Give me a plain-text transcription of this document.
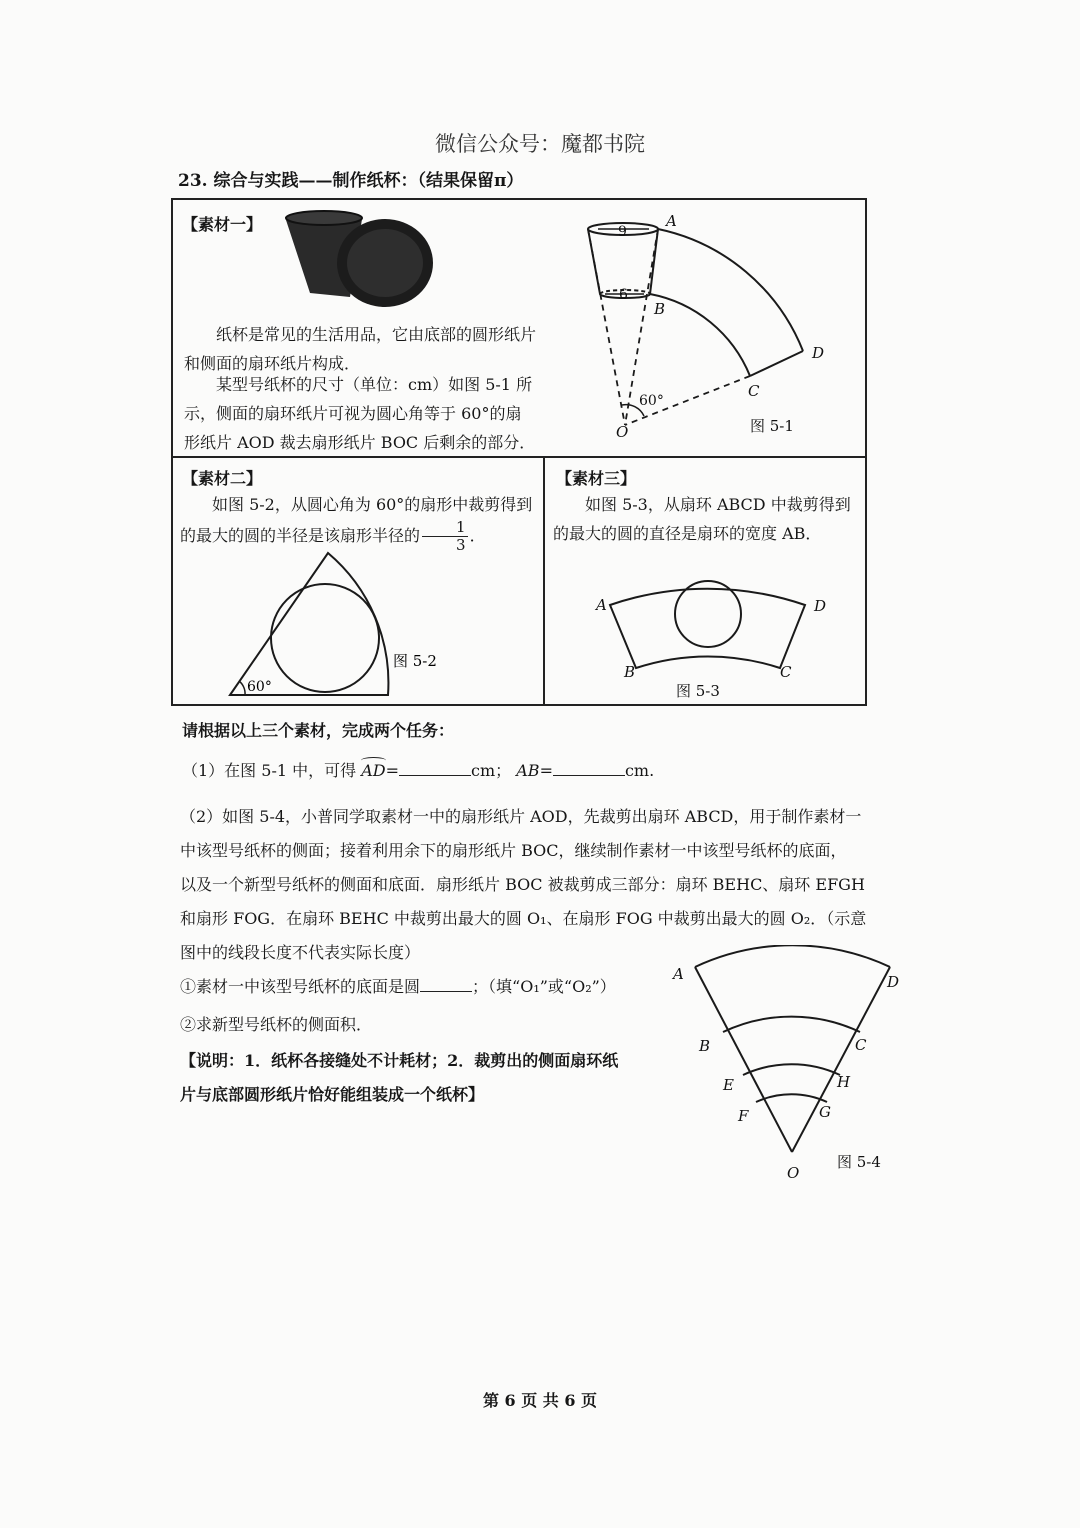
微信公众号：魔都书院
23. 综合与实践——制作纸杯：（结果保留π）
【素材一】
纸杯是常见的生活用品，它由底部的圆形纸片和侧面的扇环纸片构成．
某型号纸杯的尺寸（单位：cm）如图 5-1 所示，侧面的扇环纸片可视为圆心角等于 60°的扇形纸片 AOD 裁去扇形纸片 BOC 后剩余的部分．
9
6
A
B
C
D
O
60°
图 5-1
【素材二】
如图 5-2，从圆心角为 60°的扇形中裁剪得到的最大的圆的半径是该扇形半径的 $\frac{1}{3}$ ．
60°
图 5-2
【素材三】
如图 5-3，从扇环 ABCD 中裁剪得到的最大的圆的直径是扇环的宽度 AB．
A
B	C
D
图 5-3
请根据以上三个素材，完成两个任务：
（1）在图 5-1 中，可得 AD=	cm； AB=	cm.
（2）如图 5-4，小普同学取素材一中的扇形纸片 AOD，先裁剪出扇环 ABCD，用于制作素材一
中该型号纸杯的侧面；接着利用余下的扇形纸片 BOC，继续制作素材一中该型号纸杯的底面，
以及一个新型号纸杯的侧面和底面．扇形纸片 BOC 被裁剪成三部分：扇环 BEHC、扇环 EFGH
和扇形 FOG．在扇环 BEHC 中裁剪出最大的圆 O₁、在扇形 FOG 中裁剪出最大的圆 O₂．（示意
图中的线段长度不代表实际长度）
①素材一中该型号纸杯的底面是圆	；（填“O₁”或“O₂”）
②求新型号纸杯的侧面积．
【说明：1．纸杯各接缝处不计耗材；2．裁剪出的侧面扇环纸
片与底部圆形纸片恰好能组装成一个纸杯】
A
B	C
D
E
F	G
H
O
图 5-4
第 6 页 共 6 页
